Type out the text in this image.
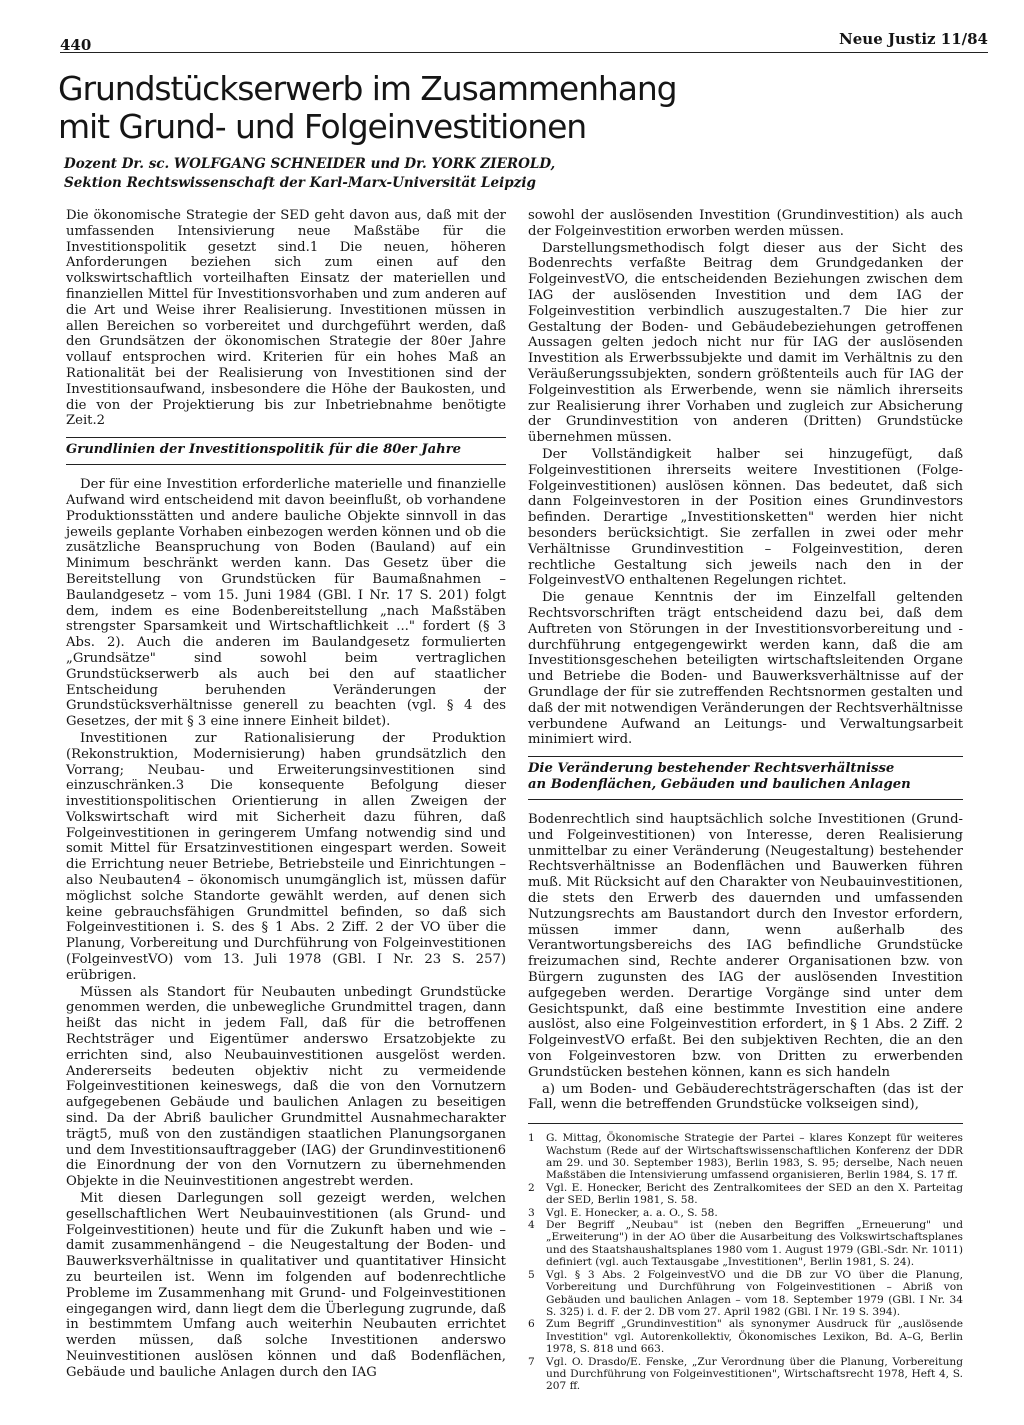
440	Neue Justiz 11/84
Grundstückserwerb im Zusammenhang
mit Grund- und Folgeinvestitionen
Dozent Dr. sc. WOLFGANG SCHNEIDER und Dr. YORK ZIEROLD,
Sektion Rechtswissenschaft der Karl-Marx-Universität Leipzig

Die ökonomische Strategie der SED geht davon aus, daß mit der umfassenden Intensivierung neue Maßstäbe für die Investitionspolitik gesetzt sind.1 Die neuen, höheren Anforderungen beziehen sich zum einen auf den volkswirtschaftlich vorteilhaften Einsatz der materiellen und finanziellen Mittel für Investitionsvorhaben und zum anderen auf die Art und Weise ihrer Realisierung. Investitionen müssen in allen Bereichen so vorbereitet und durchgeführt werden, daß den Grundsätzen der ökonomischen Strategie der 80er Jahre vollauf entsprochen wird. Kriterien für ein hohes Maß an Rationalität bei der Realisierung von Investitionen sind der Investitionsaufwand, insbesondere die Höhe der Baukosten, und die von der Projektierung bis zur Inbetriebnahme benötigte Zeit.2

Grundlinien der Investitionspolitik für die 80er Jahre

Der für eine Investition erforderliche materielle und finanzielle Aufwand wird entscheidend mit davon beeinflußt, ob vorhandene Produktionsstätten und andere bauliche Objekte sinnvoll in das jeweils geplante Vorhaben einbezogen werden können und ob die zusätzliche Beanspruchung von Boden (Bauland) auf ein Minimum beschränkt werden kann. Das Gesetz über die Bereitstellung von Grundstücken für Baumaßnahmen – Baulandgesetz – vom 15. Juni 1984 (GBl. I Nr. 17 S. 201) folgt dem, indem es eine Bodenbereitstellung „nach Maßstäben strengster Sparsamkeit und Wirtschaftlichkeit ..." fordert (§ 3 Abs. 2). Auch die anderen im Baulandgesetz formulierten „Grundsätze" sind sowohl beim vertraglichen Grundstückserwerb als auch bei den auf staatlicher Entscheidung beruhenden Veränderungen der Grundstücksverhältnisse generell zu beachten (vgl. § 4 des Gesetzes, der mit § 3 eine innere Einheit bildet).

Investitionen zur Rationalisierung der Produktion (Rekonstruktion, Modernisierung) haben grundsätzlich den Vorrang; Neubau- und Erweiterungsinvestitionen sind einzuschränken.3 Die konsequente Befolgung dieser investitionspolitischen Orientierung in allen Zweigen der Volkswirtschaft wird mit Sicherheit dazu führen, daß Folgeinvestitionen in geringerem Umfang notwendig sind und somit Mittel für Ersatzinvestitionen eingespart werden. Soweit die Errichtung neuer Betriebe, Betriebsteile und Einrichtungen – also Neubauten4 – ökonomisch unumgänglich ist, müssen dafür möglichst solche Standorte gewählt werden, auf denen sich keine gebrauchsfähigen Grundmittel befinden, so daß sich Folgeinvestitionen i. S. des § 1 Abs. 2 Ziff. 2 der VO über die Planung, Vorbereitung und Durchführung von Folgeinvestitionen (FolgeinvestVO) vom 13. Juli 1978 (GBl. I Nr. 23 S. 257) erübrigen.

Müssen als Standort für Neubauten unbedingt Grundstücke genommen werden, die unbewegliche Grundmittel tragen, dann heißt das nicht in jedem Fall, daß für die betroffenen Rechtsträger und Eigentümer anderswo Ersatzobjekte zu errichten sind, also Neubauinvestitionen ausgelöst werden. Andererseits bedeuten objektiv nicht zu vermeidende Folgeinvestitionen keineswegs, daß die von den Vornutzern aufgegebenen Gebäude und baulichen Anlagen zu beseitigen sind. Da der Abriß baulicher Grundmittel Ausnahmecharakter trägt5, muß von den zuständigen staatlichen Planungsorganen und dem Investitionsauftraggeber (IAG) der Grundinvestitionen6 die Einordnung der von den Vornutzern zu übernehmenden Objekte in die Neuinvestitionen angestrebt werden.

Mit diesen Darlegungen soll gezeigt werden, welchen gesellschaftlichen Wert Neubauinvestitionen (als Grund- und Folgeinvestitionen) heute und für die Zukunft haben und wie – damit zusammenhängend – die Neugestaltung der Boden- und Bauwerksverhältnisse in qualitativer und quantitativer Hinsicht zu beurteilen ist. Wenn im folgenden auf bodenrechtliche Probleme im Zusammenhang mit Grund- und Folgeinvestitionen eingegangen wird, dann liegt dem die Überlegung zugrunde, daß in bestimmtem Umfang auch weiterhin Neubauten errichtet werden müssen, daß solche Investitionen anderswo Neuinvestitionen auslösen können und daß Bodenflächen, Gebäude und bauliche Anlagen durch den IAG

sowohl der auslösenden Investition (Grundinvestition) als auch der Folgeinvestition erworben werden müssen.

Darstellungsmethodisch folgt dieser aus der Sicht des Bodenrechts verfaßte Beitrag dem Grundgedanken der FolgeinvestVO, die entscheidenden Beziehungen zwischen dem IAG der auslösenden Investition und dem IAG der Folgeinvestition verbindlich auszugestalten.7 Die hier zur Gestaltung der Boden- und Gebäudebeziehungen getroffenen Aussagen gelten jedoch nicht nur für IAG der auslösenden Investition als Erwerbssubjekte und damit im Verhältnis zu den Veräußerungssubjekten, sondern größtenteils auch für IAG der Folgeinvestition als Erwerbende, wenn sie nämlich ihrerseits zur Realisierung ihrer Vorhaben und zugleich zur Absicherung der Grundinvestition von anderen (Dritten) Grundstücke übernehmen müssen.

Der Vollständigkeit halber sei hinzugefügt, daß Folgeinvestitionen ihrerseits weitere Investitionen (Folge-Folgeinvestitionen) auslösen können. Das bedeutet, daß sich dann Folgeinvestoren in der Position eines Grundinvestors befinden. Derartige „Investitionsketten" werden hier nicht besonders berücksichtigt. Sie zerfallen in zwei oder mehr Verhältnisse Grundinvestition – Folgeinvestition, deren rechtliche Gestaltung sich jeweils nach den in der FolgeinvestVO enthaltenen Regelungen richtet.

Die genaue Kenntnis der im Einzelfall geltenden Rechtsvorschriften trägt entscheidend dazu bei, daß dem Auftreten von Störungen in der Investitionsvorbereitung und -durchführung entgegengewirkt werden kann, daß die am Investitionsgeschehen beteiligten wirtschaftsleitenden Organe und Betriebe die Boden- und Bauwerksverhältnisse auf der Grundlage der für sie zutreffenden Rechtsnormen gestalten und daß der mit notwendigen Veränderungen der Rechtsverhältnisse verbundene Aufwand an Leitungs- und Verwaltungsarbeit minimiert wird.

Die Veränderung bestehender Rechtsverhältnisse
an Bodenflächen, Gebäuden und baulichen Anlagen

Bodenrechtlich sind hauptsächlich solche Investitionen (Grund- und Folgeinvestitionen) von Interesse, deren Realisierung unmittelbar zu einer Veränderung (Neugestaltung) bestehender Rechtsverhältnisse an Bodenflächen und Bauwerken führen muß. Mit Rücksicht auf den Charakter von Neubauinvestitionen, die stets den Erwerb des dauernden und umfassenden Nutzungsrechts am Baustandort durch den Investor erfordern, müssen immer dann, wenn außerhalb des Verantwortungsbereichs des IAG befindliche Grundstücke freizumachen sind, Rechte anderer Organisationen bzw. von Bürgern zugunsten des IAG der auslösenden Investition aufgegeben werden. Derartige Vorgänge sind unter dem Gesichtspunkt, daß eine bestimmte Investition eine andere auslöst, also eine Folgeinvestition erfordert, in § 1 Abs. 2 Ziff. 2 FolgeinvestVO erfaßt. Bei den subjektiven Rechten, die an den von Folgeinvestoren bzw. von Dritten zu erwerbenden Grundstücken bestehen können, kann es sich handeln

a) um Boden- und Gebäuderechtsträgerschaften (das ist der Fall, wenn die betreffenden Grundstücke volkseigen sind),

1	G. Mittag, Ökonomische Strategie der Partei – klares Konzept für weiteres Wachstum (Rede auf der Wirtschaftswissenschaftlichen Konferenz der DDR am 29. und 30. September 1983), Berlin 1983, S. 95; derselbe, Nach neuen Maßstäben die Intensivierung umfassend organisieren, Berlin 1984, S. 17 ff.
2	Vgl. E. Honecker, Bericht des Zentralkomitees der SED an den X. Parteitag der SED, Berlin 1981, S. 58.
3	Vgl. E. Honecker, a. a. O., S. 58.
4	Der Begriff „Neubau" ist (neben den Begriffen „Erneuerung" und „Erweiterung") in der AO über die Ausarbeitung des Volkswirtschaftsplanes und des Staatshaushaltsplanes 1980 vom 1. August 1979 (GBl.-Sdr. Nr. 1011) definiert (vgl. auch Textausgabe „Investitionen", Berlin 1981, S. 24).
5	Vgl. § 3 Abs. 2 FolgeinvestVO und die DB zur VO über die Planung, Vorbereitung und Durchführung von Folgeinvestitionen – Abriß von Gebäuden und baulichen Anlagen – vom 18. September 1979 (GBl. I Nr. 34 S. 325) i. d. F. der 2. DB vom 27. April 1982 (GBl. I Nr. 19 S. 394).
6	Zum Begriff „Grundinvestition" als synonymer Ausdruck für „auslösende Investition" vgl. Autorenkollektiv, Ökonomisches Lexikon, Bd. A–G, Berlin 1978, S. 818 und 663.
7	Vgl. O. Drasdo/E. Fenske, „Zur Verordnung über die Planung, Vorbereitung und Durchführung von Folgeinvestitionen", Wirtschaftsrecht 1978, Heft 4, S. 207 ff.
